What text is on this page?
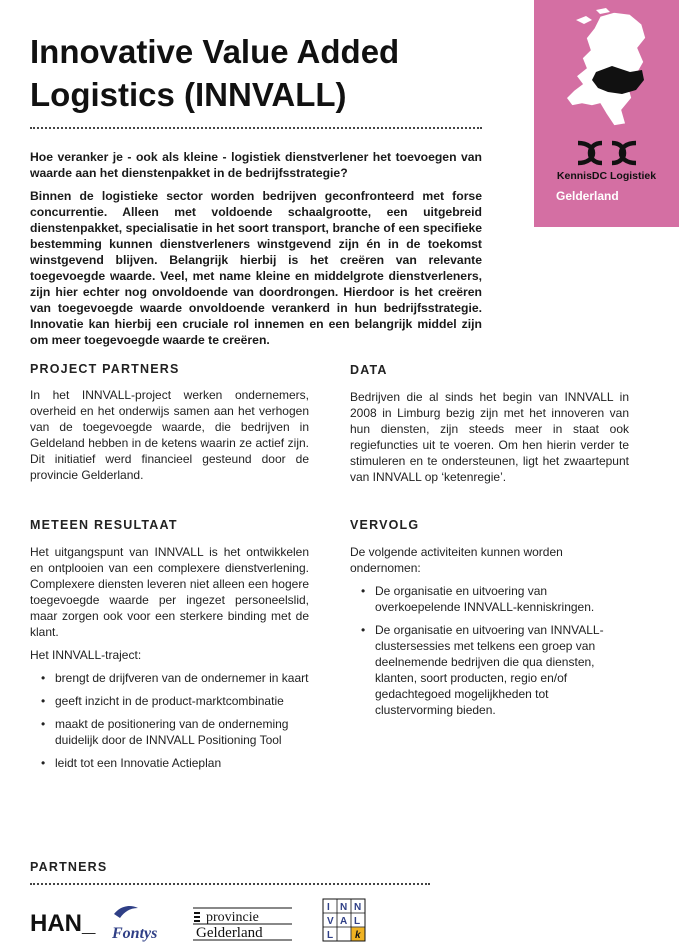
KennisDC Logistiek
Gelderland
Innovative Value Added
Logistics (INNVALL)

Hoe veranker je - ook als kleine - logistiek dienstverlener het toevoegen van waarde aan het dienstenpakket in de bedrijfsstrategie?

Binnen de logistieke sector worden bedrijven geconfronteerd met forse concurrentie. Alleen met voldoende schaalgrootte, een uitgebreid dienstenpakket, specialisatie in het soort transport, branche of een specifieke bestemming kunnen dienstverleners winstgevend zijn én in de toekomst winstgevend blijven. Belangrijk hierbij is het creëren van relevante toegevoegde waarde. Veel, met name kleine en middelgrote dienstverleners, zijn hier echter nog onvoldoende van doordrongen. Hierdoor is het creëren van toegevoegde waarde onvoldoende verankerd in hun bedrijfsstrategie. Innovatie kan hierbij een cruciale rol innemen en een belangrijk middel zijn om meer toegevoegde waarde te creëren.

PROJECT PARTNERS

In het INNVALL-project werken ondernemers, overheid en het onderwijs samen aan het verhogen van de toegevoegde waarde, die bedrijven in Geldeland hebben in de ketens waarin ze actief zijn. Dit initiatief werd financieel gesteund door de provincie Gelderland.

DATA

Bedrijven die al sinds het begin van INNVALL in 2008 in Limburg bezig zijn met het innoveren van hun diensten, zijn steeds meer in staat ook regiefuncties uit te voeren. Om hen hierin verder te stimuleren en te ondersteunen, ligt het zwaartepunt van INNVALL op ‘ketenregie’.

METEEN RESULTAAT

Het uitgangspunt van INNVALL is het ontwikkelen en ontplooien van een complexere dienstverlening. Complexere diensten leveren niet alleen een hogere toegevoegde waarde per ingezet personeelslid, maar zorgen ook voor een sterkere binding met de klant.

Het INNVALL-traject:

• brengt de drijfveren van de ondernemer in kaart
• geeft inzicht in de product-marktcombinatie
• maakt de positionering van de onderneming duidelijk door de INNVALL Positioning Tool
• leidt tot een Innovatie Actieplan
VERVOLG

De volgende activiteiten kunnen worden ondernomen:

• De organisatie en uitvoering van overkoepelende INNVALL-kenniskringen.
• De organisatie en uitvoering van INNVALL-clustersessies met telkens een groep van deelnemende bedrijven die qua diensten, klanten, soort producten, regio en/of gedachtegoed mogelijkheden tot clustervorming bieden.
PARTNERS
HAN_ Fontys
provincie
Gelderland
I N N
V A L
L k
